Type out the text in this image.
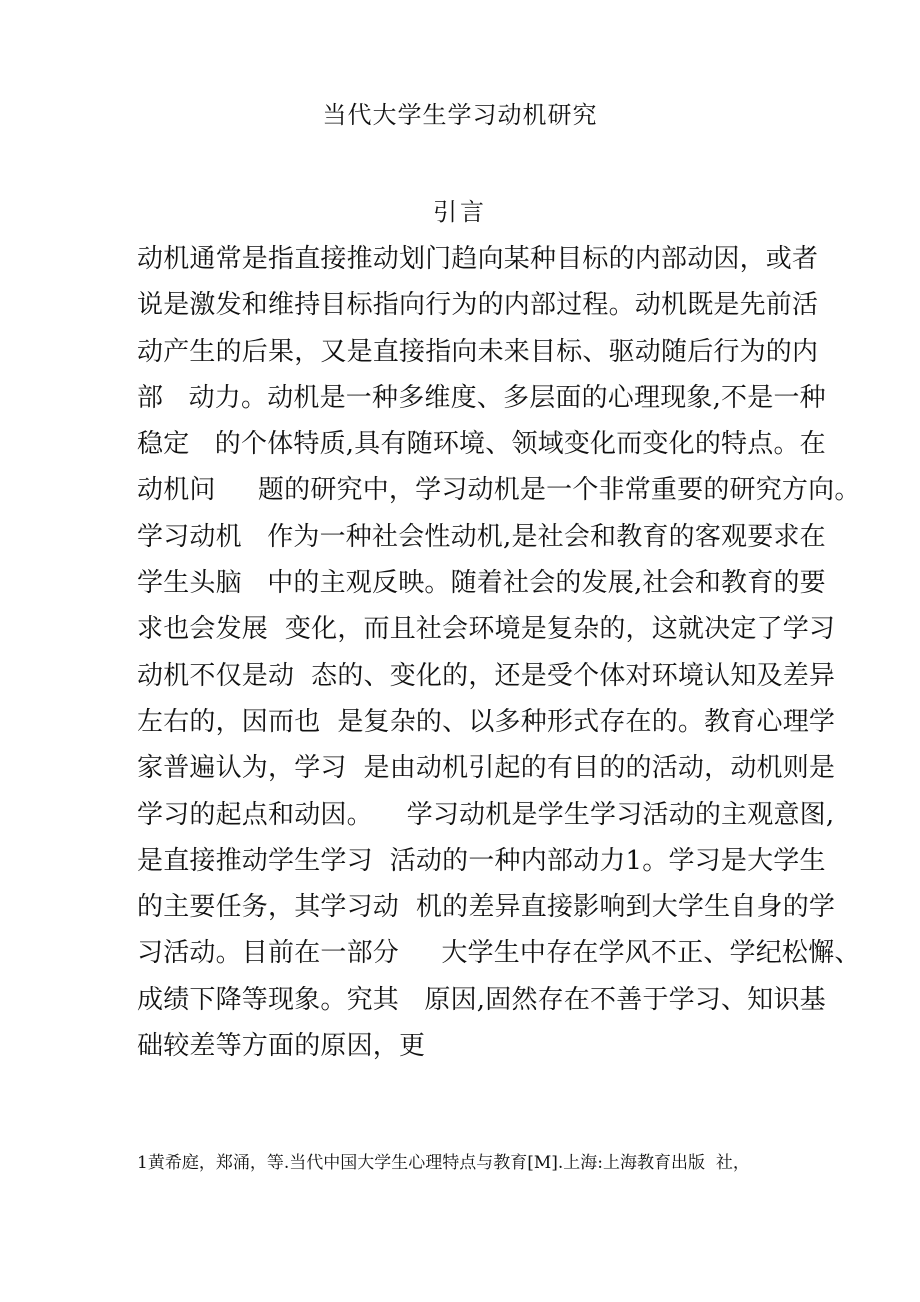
当代大学生学习动机研究
引言
动机通常是指直接推动划门趋向某种目标的内部动因，或者
说是激发和维持目标指向行为的内部过程。动机既是先前活
动产生的后果，又是直接指向未来目标、驱动随后行为的内
部   动力。动机是一种多维度、多层面的心理现象,不是一种
稳定   的个体特质,具有随环境、领域变化而变化的特点。在
动机问     题的研究中，学习动机是一个非常重要的研究方向。
学习动机   作为一种社会性动机,是社会和教育的客观要求在
学生头脑   中的主观反映。随着社会的发展,社会和教育的要
求也会发展  变化，而且社会环境是复杂的，这就决定了学习
动机不仅是动  态的、变化的，还是受个体对环境认知及差异
左右的，因而也  是复杂的、以多种形式存在的。教育心理学
家普遍认为，学习  是由动机引起的有目的的活动，动机则是
学习的起点和动因。    学习动机是学生学习活动的主观意图,
是直接推动学生学习  活动的一种内部动力1。学习是大学生
的主要任务，其学习动  机的差异直接影响到大学生自身的学
习活动。目前在一部分     大学生中存在学风不正、学纪松懈、
成绩下降等现象。究其   原因,固然存在不善于学习、知识基
础较差等方面的原因，更
1黄希庭，郑涌，等.当代中国大学生心理特点与教育[M].上海:上海教育出版  社，
